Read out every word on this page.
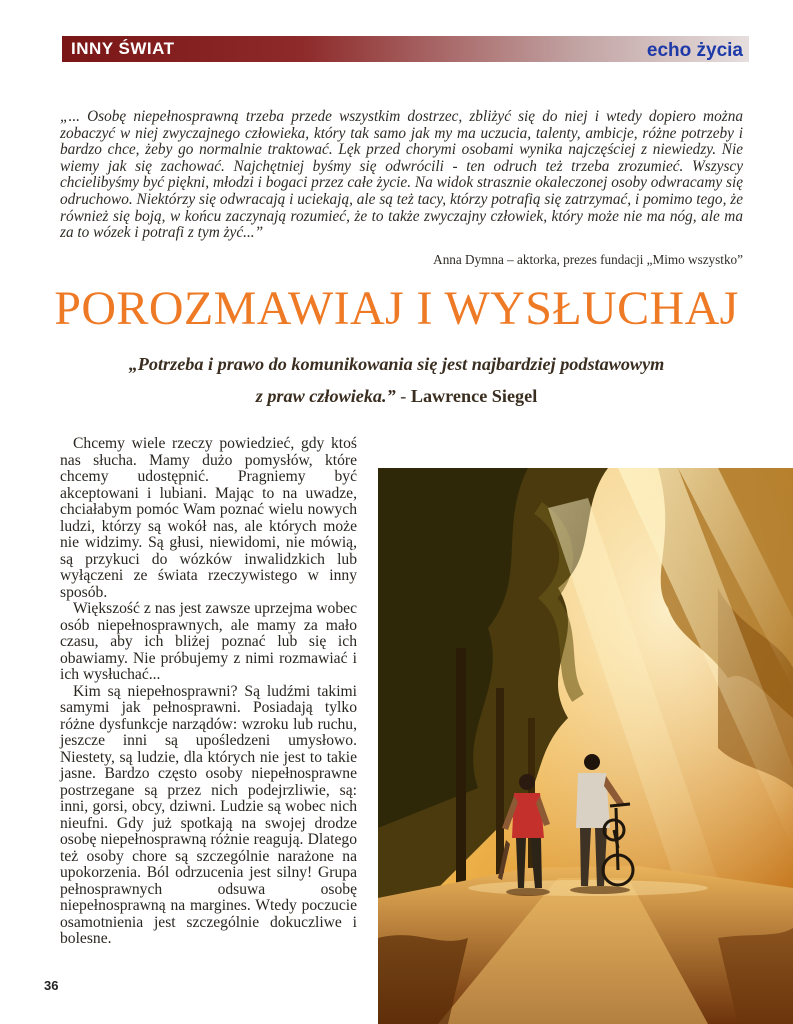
INNY ŚWIAT	echo życia
„... Osobę niepełnosprawną trzeba przede wszystkim dostrzec, zbliżyć się do niej i wtedy dopiero można zobaczyć w niej zwyczajnego człowieka, który tak samo jak my ma uczucia, talenty, ambicje, różne potrzeby i bardzo chce, żeby go normalnie traktować. Lęk przed chorymi osobami wynika najczęściej z niewiedzy. Nie wiemy jak się zachować. Najchętniej byśmy się odwrócili - ten odruch też trzeba zrozumieć. Wszyscy chcielibyśmy być piękni, młodzi i bogaci przez całe życie. Na widok strasznie okaleczonej osoby odwracamy się odruchowo. Niektórzy się odwracają i uciekają, ale są też tacy, którzy potrafią się zatrzymać, i pomimo tego, że również się boją, w końcu zaczynają rozumieć, że to także zwyczajny człowiek, który może nie ma nóg, ale ma za to wózek i potrafi z tym żyć...”
Anna Dymna – aktorka, prezes fundacji „Mimo wszystko”
POROZMAWIAJ I WYSŁUCHAJ
„Potrzeba i prawo do komunikowania się jest najbardziej podstawowym
z praw człowieka.” - Lawrence Siegel

Chcemy wiele rzeczy powiedzieć, gdy ktoś nas słucha. Mamy dużo pomysłów, które chcemy udostępnić. Pragniemy być akceptowani i lubiani. Mając to na uwadze, chciałabym pomóc Wam poznać wielu nowych ludzi, którzy są wokół nas, ale których może nie widzimy. Są głusi, niewidomi, nie mówią, są przykuci do wózków inwalidzkich lub wyłączeni ze świata rzeczywistego w inny sposób.

Większość z nas jest zawsze uprzejma wobec osób niepełnosprawnych, ale mamy za mało czasu, aby ich bliżej poznać lub się ich obawiamy. Nie próbujemy z nimi rozmawiać i ich wysłuchać...

Kim są niepełnosprawni? Są ludźmi takimi samymi jak pełnosprawni. Posiadają tylko różne dysfunkcje narządów: wzroku lub ruchu, jeszcze inni są upośledzeni umysłowo. Niestety, są ludzie, dla których nie jest to takie jasne. Bardzo często osoby niepełnosprawne postrzegane są przez nich podejrzliwie, są: inni, gorsi, obcy, dziwni. Ludzie są wobec nich nieufni. Gdy już spotkają na swojej drodze osobę niepełnosprawną różnie reagują. Dlatego też osoby chore są szczególnie narażone na upokorzenia. Ból odrzucenia jest silny! Grupa pełnosprawnych odsuwa osobę niepełnosprawną na margines. Wtedy poczucie osamotnienia jest szczególnie dokuczliwe i bolesne.

36
